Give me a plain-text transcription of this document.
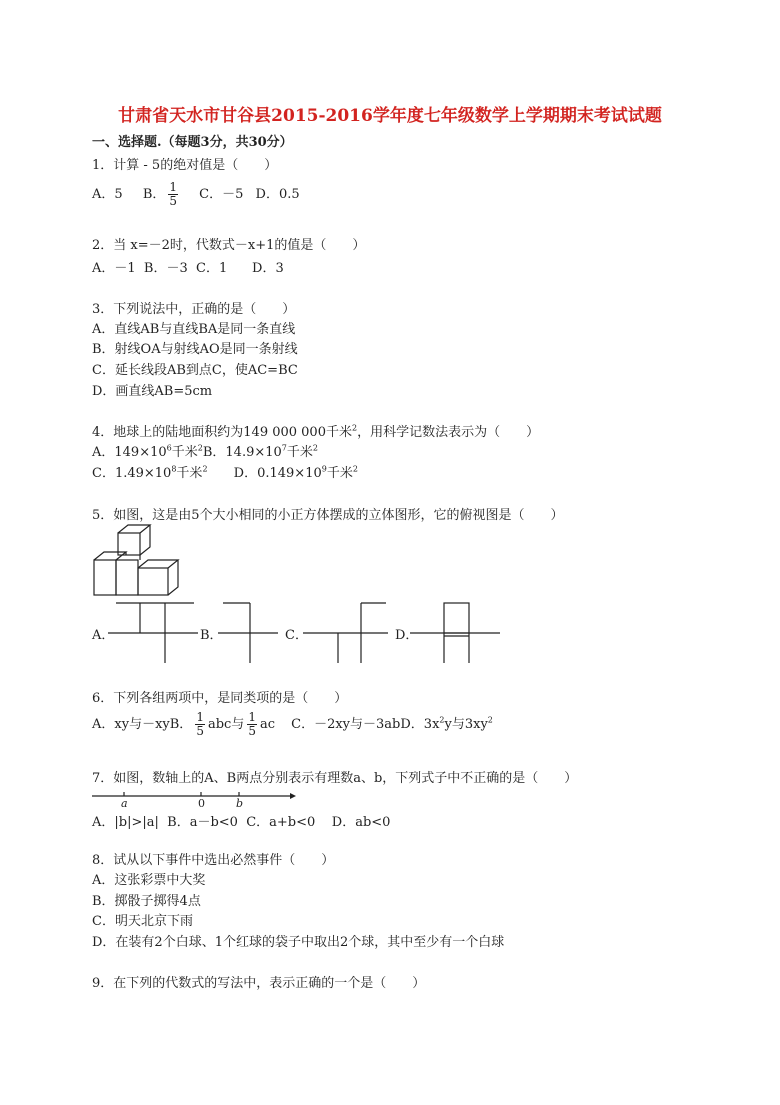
甘肃省天水市甘谷县2015-2016学年度七年级数学上学期期末考试试题
一、选择题.（每题3分，共30分）
1．计算 - 5的绝对值是（　　）
A．5 B． $\frac{1}{5}$ C．－5 D．0.5
2．当 x=－2时，代数式－x+1的值是（　　）
A．－1  B．－3  C．1      D．3
3．下列说法中，正确的是（　　）
A．直线AB与直线BA是同一条直线
B．射线OA与射线AO是同一条射线
C．延长线段AB到点C，使AC=BC
D．画直线AB=5cm
4．地球上的陆地面积约为149 000 000千米$^2$，用科学记数法表示为（　　）
A．$149\times 10^6$千米$^2$B．$14.9\times 10^7$千米$^2$
C．$1.49\times 10^8$千米$^2$ D．$0.149\times 10^9$千米$^2$
5．如图，这是由5个大小相同的小正方体摆成的立体图形，它的俯视图是（　　）
A．	B．	C．	D．
6．下列各组两项中，是同类项的是（　　）
A．xy与－xyB． $\frac{1}{5}$ abc与 $\frac{1}{5}$ ac C．－2xy与－3abD．$3x^2y$与$3xy^2$
7．如图，数轴上的A、B两点分别表示有理数a、b，下列式子中不正确的是（　　）
a	0	b
A．|b|>|a|  B．a－b<0  C．a+b<0    D．ab<0
8．试从以下事件中选出必然事件（　　）
A．这张彩票中大奖
B．掷骰子掷得4点
C．明天北京下雨
D．在装有2个白球、1个红球的袋子中取出2个球，其中至少有一个白球
9．在下列的代数式的写法中，表示正确的一个是（　　）
